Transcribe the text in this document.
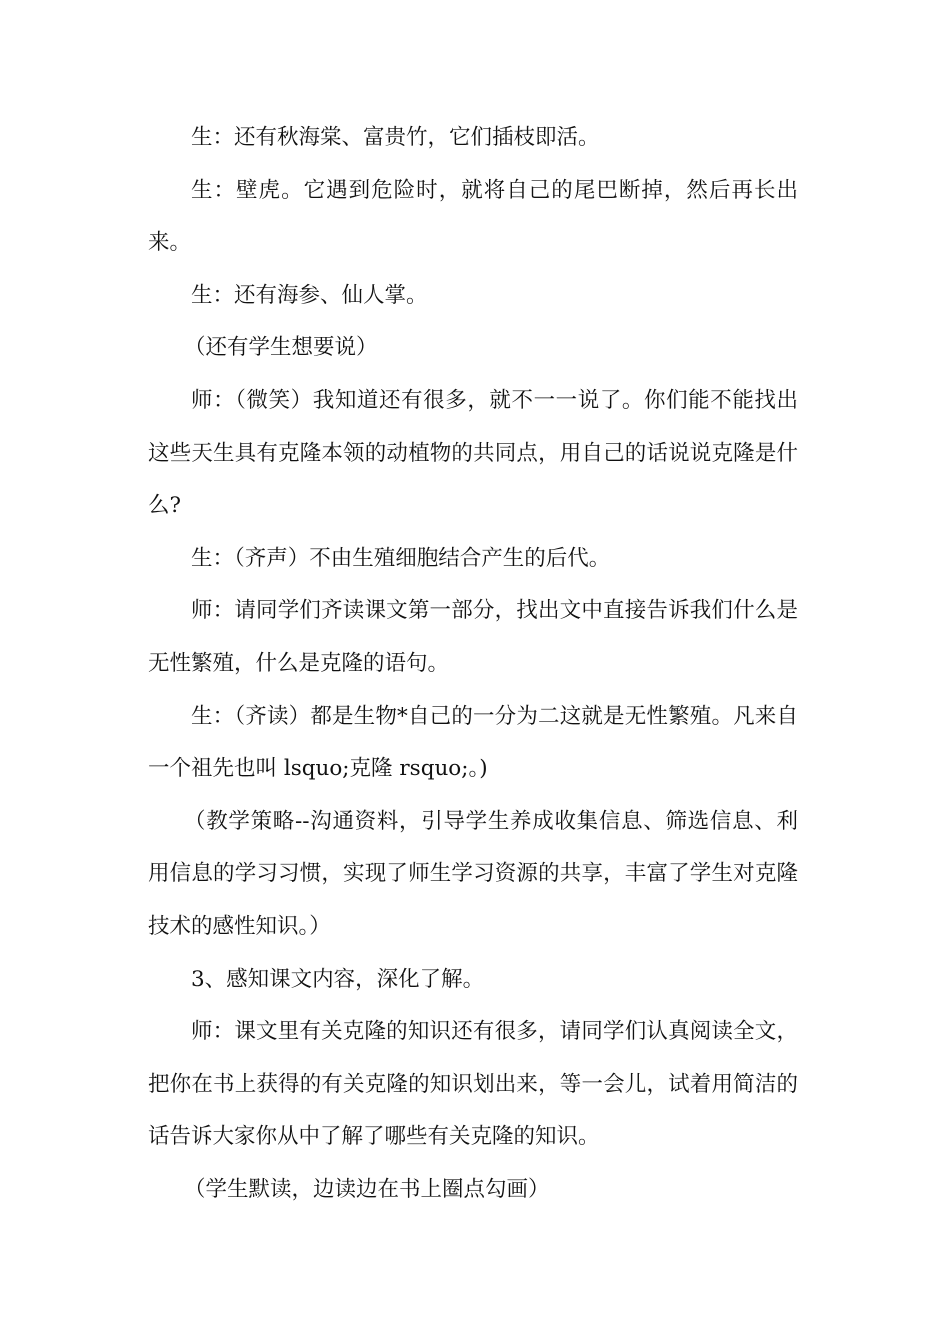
生：还有秋海棠、富贵竹，它们插枝即活。

生：壁虎。它遇到危险时，就将自己的尾巴断掉，然后再长出来。

生：还有海参、仙人掌。

（还有学生想要说）

师：（微笑）我知道还有很多，就不一一说了。你们能不能找出这些天生具有克隆本领的动植物的共同点，用自己的话说说克隆是什么?

生：（齐声）不由生殖细胞结合产生的后代。

师：请同学们齐读课文第一部分，找出文中直接告诉我们什么是无性繁殖，什么是克隆的语句。

生：（齐读）都是生物*自己的一分为二这就是无性繁殖。凡来自一个祖先也叫 lsquo;克隆 rsquo;。)

（教学策略--沟通资料，引导学生养成收集信息、筛选信息、利用信息的学习习惯，实现了师生学习资源的共享，丰富了学生对克隆技术的感性知识。）

3、感知课文内容，深化了解。

师：课文里有关克隆的知识还有很多，请同学们认真阅读全文，把你在书上获得的有关克隆的知识划出来，等一会儿，试着用简洁的话告诉大家你从中了解了哪些有关克隆的知识。

（学生默读，边读边在书上圈点勾画）
